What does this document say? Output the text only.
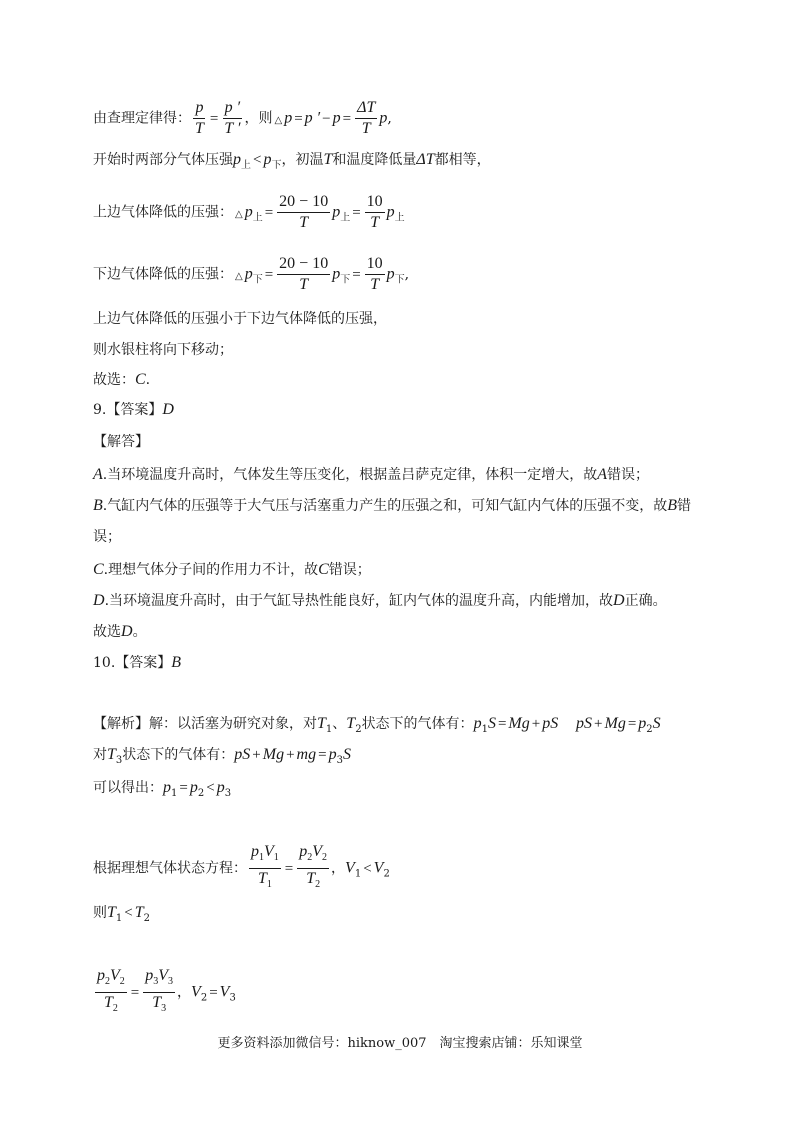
由查理定律得： $\frac{p}{T} = \frac{p '}{T '}$ ，则 △ p = p ′ − $p = \frac{\Delta T}{T} p$,
开始时两部分气体压强$p_上 < p_下$，初温T和温度降低量ΔT都相等，
上边气体降低的压强： △ $p_上 = \frac{20 - 10}{T} p_上 = \frac{10}{T} p_上$
下边气体降低的压强： △ $p_下 = \frac{20 - 10}{T} p_下 = \frac{10}{T} p_下$,
上边气体降低的压强小于下边气体降低的压强，
则水银柱将向下移动；
故选：C.
9.【答案】D
【解答】
A.当环境温度升高时，气体发生等压变化，根据盖吕萨克定律，体积一定增大，故A错误；
B.气缸内气体的压强等于大气压与活塞重力产生的压强之和，可知气缸内气体的压强不变，故B错
误；
C.理想气体分子间的作用力不计，故C错误；
D.当环境温度升高时，由于气缸导热性能良好，缸内气体的温度升高，内能增加，故D正确。
故选D。
10.【答案】B
【解析】解：以活塞为研究对象，对$T_1$、$T_2$状态下的气体有：$p_1S = Mg$ + pS pS + $Mg = p_2S$
对$T_3$状态下的气体有：pS + Mg + mg = $p_3S$
可以得出：$p_1 = p_2 < p_3$
根据理想气体状态方程： $\frac{p_1V_1}{T_1} = \frac{p_2V_2}{T_2}$ ，$V_1 < V_2$
则$T_1 < T_2$
$\frac{p_2V_2}{T_2} = \frac{p_3V_3}{T_3}$ ，$V_2 = V_3$
更多资料添加微信号：hiknow_007　淘宝搜索店铺：乐知课堂
